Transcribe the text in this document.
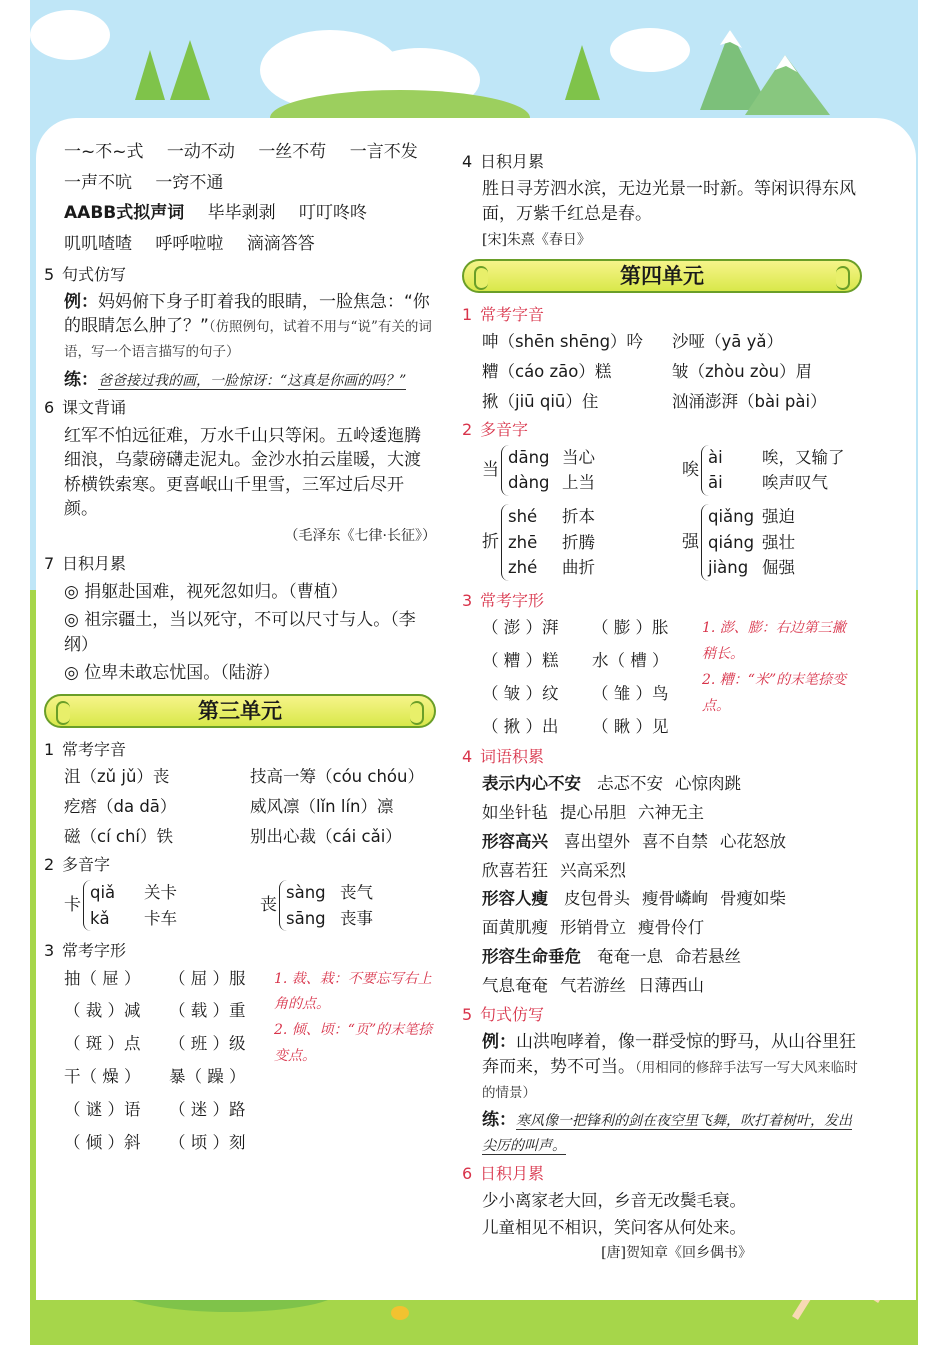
一~不~式 一动不动 一丝不苟 一言不发
一声不吭 一窍不通
AABB式拟声词 毕毕剥剥 叮叮咚咚
叽叽喳喳 呼呼啦啦 滴滴答答
5 句式仿写
例：妈妈俯下身子盯着我的眼睛，一脸焦急：“你的眼睛怎么肿了？”（仿照例句，试着不用与“说”有关的词语，写一个语言描写的句子）
练：爸爸接过我的画，一脸惊讶：“这真是你画的吗？”
6 课文背诵
红军不怕远征难，万水千山只等闲。五岭逶迤腾细浪，乌蒙磅礴走泥丸。金沙水拍云崖暖，大渡桥横铁索寒。更喜岷山千里雪，三军过后尽开颜。
（毛泽东《七律·长征》）
7 日积月累
◎ 捐躯赴国难，视死忽如归。（曹植）
◎ 祖宗疆土，当以死守，不可以尺寸与人。（李纲）
◎ 位卑未敢忘忧国。（陆游）
第三单元
1 常考字音
沮（zǔ jǔ）丧	技高一筹（cóu chóu）
疙瘩（da dā）	威风凛（lǐn lín）凛
磁（cí chí）铁	别出心裁（cái cǎi）
2 多音字
卡
qiǎ 关卡
kǎ 卡车
丧
sàng 丧气
sāng 丧事
3 常考字形
抽（ 屉 ）	（ 屈 ）服
（ 裁 ）减	（ 载 ）重
（ 斑 ）点	（ 班 ）级
干（ 燥 ）	暴（ 躁 ）
（ 谜 ）语	（ 迷 ）路
（ 倾 ）斜	（ 顷 ）刻
1. 裁、栽：不要忘写右上角的点。
2. 倾、顷：“页”的末笔捺变点。
4 日积月累
胜日寻芳泗水滨，无边光景一时新。等闲识得东风面，万紫千红总是春。
[宋]朱熹《春日》
第四单元
1 常考字音
呻（shēn shēng）吟	沙哑（yā yǎ）
糟（cáo zāo）糕	皱（zhòu zòu）眉
揪（jiū qiū）住	汹涌澎湃（bài pài）
2 多音字
当
dāng 当心
dàng 上当
唉
ài 唉，又输了
āi 唉声叹气
折
shé 折本
zhē 折腾
zhé 曲折
强
qiǎng 强迫
qiáng 强壮
jiàng 倔强
3 常考字形
（ 澎 ）湃	（ 膨 ）胀
（ 糟 ）糕	水（ 槽 ）
（ 皱 ）纹	（ 雏 ）鸟
（ 揪 ）出	（ 瞅 ）见
1. 澎、膨：右边第三撇稍长。
2. 糟：“米”的末笔捺变点。
4 词语积累
表示内心不安 忐忑不安 心惊肉跳
如坐针毡 提心吊胆 六神无主
形容高兴 喜出望外 喜不自禁 心花怒放
欣喜若狂 兴高采烈
形容人瘦 皮包骨头 瘦骨嶙峋 骨瘦如柴
面黄肌瘦 形销骨立 瘦骨伶仃
形容生命垂危 奄奄一息 命若悬丝
气息奄奄 气若游丝 日薄西山
5 句式仿写
例：山洪咆哮着，像一群受惊的野马，从山谷里狂奔而来，势不可当。（用相同的修辞手法写一写大风来临时的情景）
练：寒风像一把锋利的剑在夜空里飞舞，吹打着树叶，发出尖厉的叫声。
6 日积月累
少小离家老大回，乡音无改鬓毛衰。
儿童相见不相识，笑问客从何处来。
[唐]贺知章《回乡偶书》
